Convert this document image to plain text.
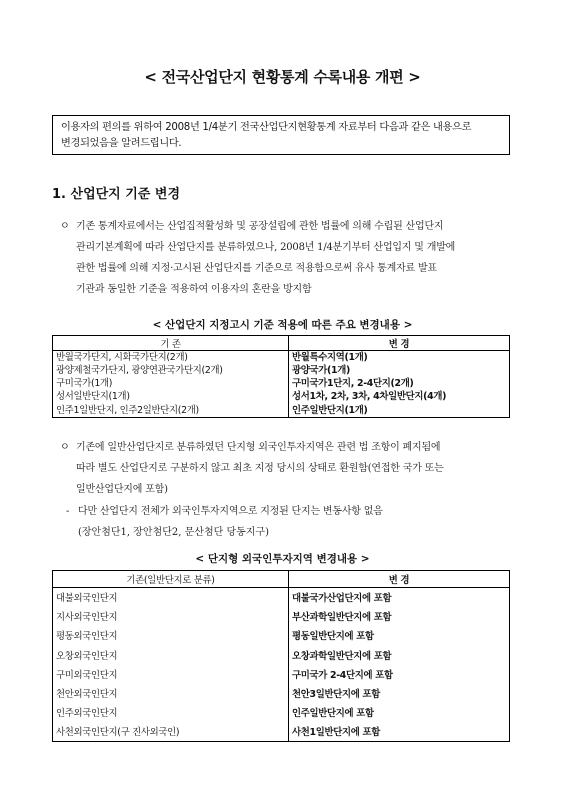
< 전국산업단지 현황통계 수록내용 개편 >

이용자의 편의를 위하여 2008년 1/4분기 전국산업단지현황통계 자료부터 다음과 같은 내용으로

변경되었음을 알려드립니다.

1. 산업단지 기준 변경
ㅇ 기존 통계자료에서는 산업집적활성화 및 공장설립에 관한 법률에 의해 수립된 산업단지
관리기본계획에 따라 산업단지를 분류하였으나, 2008년 1/4분기부터 산업입지 및 개발에
관한 법률에 의해 지정·고시된 산업단지를 기준으로 적용함으로써 유사 통계자료 발표
기관과 동일한 기준을 적용하여 이용자의 혼란을 방지함
< 산업단지 지정고시 기준 적용에 따른 주요 변경내용 >
기 존	변 경
반월국가단지, 시화국가단지(2개)	반월특수지역(1개)
광양제철국가단지, 광양연관국가단지(2개)	광양국가(1개)
구미국가(1개)	구미국가1단지, 2-4단지(2개)
성서일반단지(1개)	성서1차, 2차, 3차, 4차일반단지(4개)
인주1일반단지, 인주2일반단지(2개)	인주일반단지(1개)
ㅇ 기존에 일반산업단지로 분류하였던 단지형 외국인투자지역은 관련 법 조항이 폐지됨에
따라 별도 산업단지로 구분하지 않고 최초 지정 당시의 상태로 환원함(연접한 국가 또는
일반산업단지에 포함)
- 다만 산업단지 전체가 외국인투자지역으로 지정된 단지는 변동사항 없음
(장안첨단1, 장안첨단2, 문산첨단 당동지구)
< 단지형 외국인투자지역 변경내용 >
기존(일반단지로 분류)	변 경
대불외국인단지	대불국가산업단지에 포함
지사외국인단지	부산과학일반단지에 포함
평동외국인단지	평동일반단지에 포함
오창외국인단지	오창과학일반단지에 포함
구미외국인단지	구미국가 2-4단지에 포함
천안외국인단지	천안3일반단지에 포함
인주외국인단지	인주일반단지에 포함
사천외국인단지(구 진사외국인)	사천1일반단지에 포함
